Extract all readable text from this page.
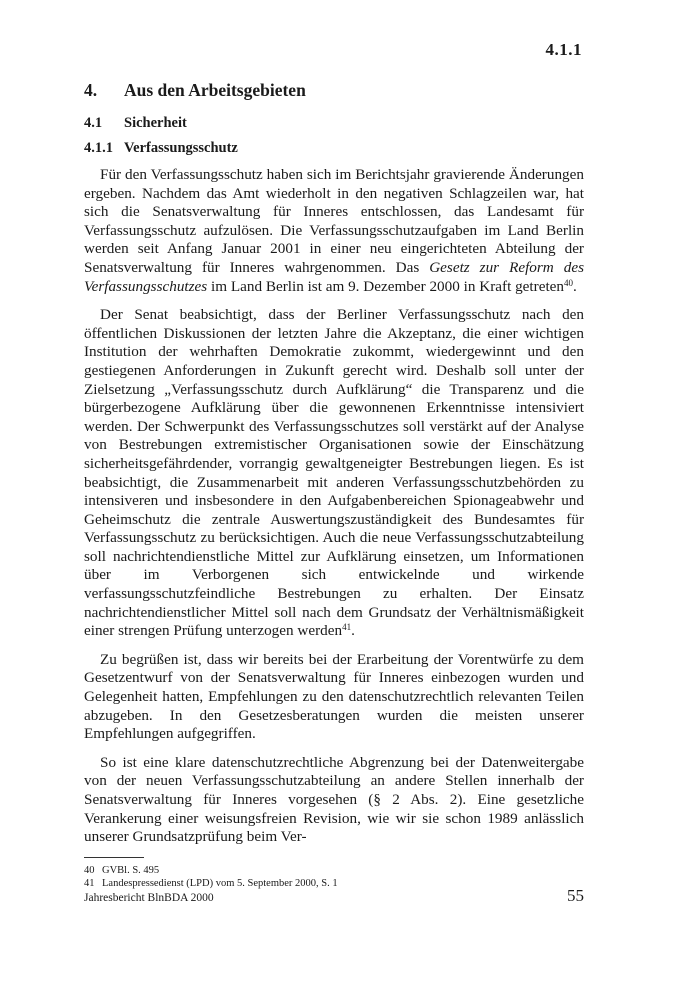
4.1.1
4.	Aus den Arbeitsgebieten
4.1	Sicherheit
4.1.1 Verfassungsschutz

Für den Verfassungsschutz haben sich im Berichtsjahr gravierende Änderungen ergeben. Nachdem das Amt wiederholt in den negativen Schlagzeilen war, hat sich die Senatsverwaltung für Inneres entschlossen, das Landesamt für Verfassungsschutz aufzulösen. Die Verfassungsschutzaufgaben im Land Berlin werden seit Anfang Januar 2001 in einer neu eingerichteten Abteilung der Senatsverwaltung für Inneres wahrgenommen. Das Gesetz zur Reform des Verfassungsschutzes im Land Berlin ist am 9. Dezember 2000 in Kraft getreten$^{40}$.

Der Senat beabsichtigt, dass der Berliner Verfassungsschutz nach den öffentlichen Diskussionen der letzten Jahre die Akzeptanz, die einer wichtigen Institution der wehrhaften Demokratie zukommt, wiedergewinnt und den gestiegenen Anforderungen in Zukunft gerecht wird. Deshalb soll unter der Zielsetzung „Verfassungsschutz durch Aufklärung“ die Transparenz und die bürgerbezogene Aufklärung über die gewonnenen Erkenntnisse intensiviert werden. Der Schwerpunkt des Verfassungsschutzes soll verstärkt auf der Analyse von Bestrebungen extremistischer Organisationen sowie der Einschätzung sicherheitsgefährdender, vorrangig gewaltgeneigter Bestrebungen liegen. Es ist beabsichtigt, die Zusammenarbeit mit anderen Verfassungsschutzbehörden zu intensiveren und insbesondere in den Aufgabenbereichen Spionageabwehr und Geheimschutz die zentrale Auswertungszuständigkeit des Bundesamtes für Verfassungsschutz zu berücksichtigen. Auch die neue Verfassungsschutzabteilung soll nachrichtendienstliche Mittel zur Aufklärung einsetzen, um Informationen über im Verborgenen sich entwickelnde und wirkende verfassungsschutzfeindliche Bestrebungen zu erhalten. Der Einsatz nachrichtendienstlicher Mittel soll nach dem Grundsatz der Verhältnismäßigkeit einer strengen Prüfung unterzogen werden$^{41}$.

Zu begrüßen ist, dass wir bereits bei der Erarbeitung der Vorentwürfe zu dem Gesetzentwurf von der Senatsverwaltung für Inneres einbezogen wurden und Gelegenheit hatten, Empfehlungen zu den datenschutzrechtlich relevanten Teilen abzugeben. In den Gesetzesberatungen wurden die meisten unserer Empfehlungen aufgegriffen.

So ist eine klare datenschutzrechtliche Abgrenzung bei der Datenweitergabe von der neuen Verfassungsschutzabteilung an andere Stellen innerhalb der Senatsverwaltung für Inneres vorgesehen (§ 2 Abs. 2). Eine gesetzliche Verankerung einer weisungsfreien Revision, wie wir sie schon 1989 anlässlich unserer Grundsatzprüfung beim Ver-

40 GVBl. S. 495
41 Landespressedienst (LPD) vom 5. September 2000, S. 1
Jahresbericht BlnBDA 2000	55
